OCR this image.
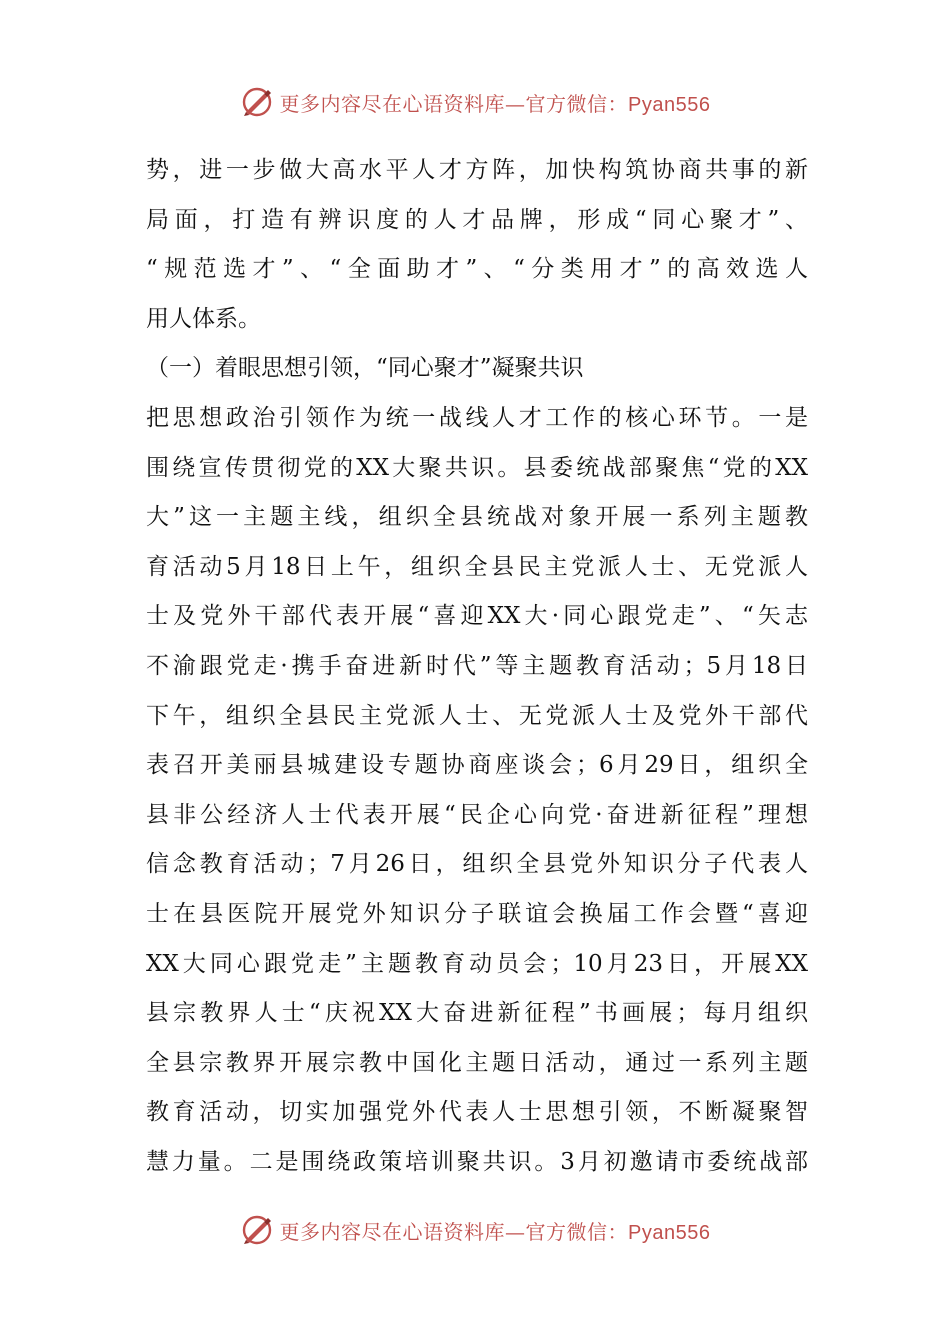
更多内容尽在心语资料库—官方微信：Pyan556
势，进一步做大高水平人才方阵，加快构筑协商共事的新
局面，打造有辨识度的人才品牌，形成“同心聚才”、
“规范选才”、“全面助才”、“分类用才”的高效选人
用人体系。
（一）着眼思想引领，“同心聚才”凝聚共识
把思想政治引领作为统一战线人才工作的核心环节。一是
围绕宣传贯彻党的XX大聚共识。县委统战部聚焦“党的XX
大”这一主题主线，组织全县统战对象开展一系列主题教
育活动5月18日上午，组织全县民主党派人士、无党派人
士及党外干部代表开展“喜迎XX大·同心跟党走”、“矢志
不渝跟党走·携手奋进新时代”等主题教育活动；5月18日
下午，组织全县民主党派人士、无党派人士及党外干部代
表召开美丽县城建设专题协商座谈会；6月29日，组织全
县非公经济人士代表开展“民企心向党·奋进新征程”理想
信念教育活动；7月26日，组织全县党外知识分子代表人
士在县医院开展党外知识分子联谊会换届工作会暨“喜迎
XX大同心跟党走”主题教育动员会；10月23日，开展XX
县宗教界人士“庆祝XX大奋进新征程”书画展；每月组织
全县宗教界开展宗教中国化主题日活动，通过一系列主题
教育活动，切实加强党外代表人士思想引领，不断凝聚智
慧力量。二是围绕政策培训聚共识。3月初邀请市委统战部
更多内容尽在心语资料库—官方微信：Pyan556
